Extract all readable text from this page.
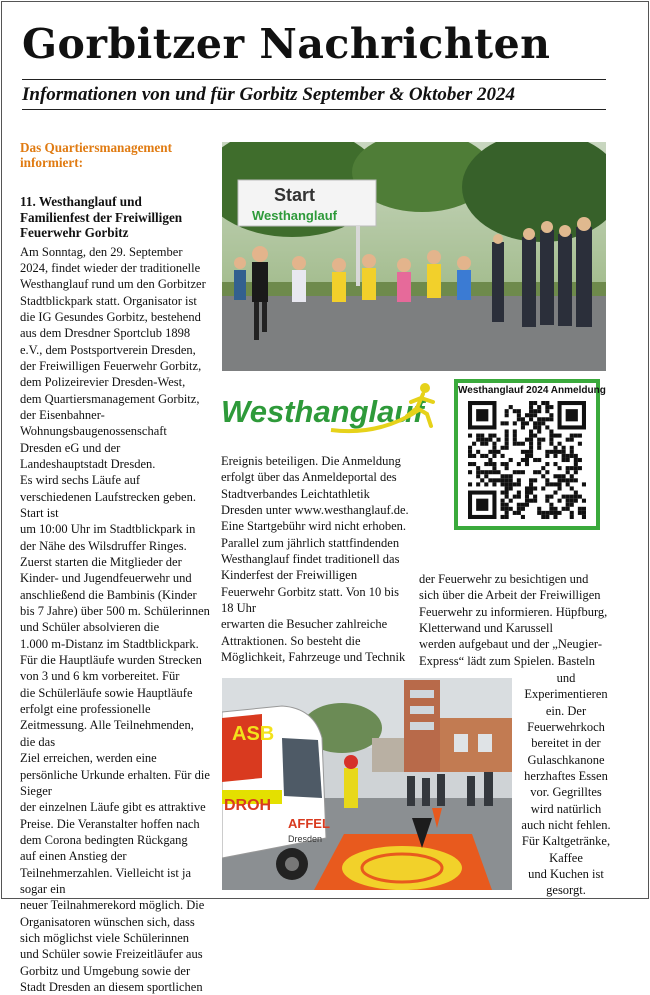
Gorbitzer Nachrichten
Informationen von und für Gorbitz September & Oktober 2024
Das Quartiersmanagement informiert:
11. Westhanglauf und Familienfest der Freiwilligen Feuerwehr Gorbitz
Am Sonntag, den 29. September
2024, findet wieder der traditionelle
Westhanglauf rund um den Gorbitzer
Stadtblickpark statt. Organisator ist
die IG Gesundes Gorbitz, bestehend
aus dem Dresdner Sportclub 1898
e.V., dem Postsportverein Dresden,
der Freiwilligen Feuerwehr Gorbitz,
dem Polizeirevier Dresden-West,
dem Quartiersmanagement Gorbitz,
der Eisenbahner-Wohnungsbaugenossenschaft Dresden eG und der
Landeshauptstadt Dresden.
Es wird sechs Läufe auf verschiedenen Laufstrecken geben. Start ist
um 10:00 Uhr im Stadtblickpark in
der Nähe des Wilsdruffer Ringes.
Zuerst starten die Mitglieder der
Kinder- und Jugendfeuerwehr und
anschließend die Bambinis (Kinder
bis 7 Jahre) über 500 m. Schülerinnen und Schüler absolvieren die
1.000 m-Distanz im Stadtblickpark.
Für die Hauptläufe wurden Strecken
von 3 und 6 km vorbereitet. Für
die Schülerläufe sowie Hauptläufe
erfolgt eine professionelle Zeitmessung. Alle Teilnehmenden, die das
Ziel erreichen, werden eine persönliche Urkunde erhalten. Für die Sieger
der einzelnen Läufe gibt es attraktive
Preise. Die Veranstalter hoffen nach
dem Corona bedingten Rückgang
auf einen Anstieg der Teilnehmerzahlen. Vielleicht ist ja sogar ein
neuer Teilnahmerekord möglich. Die
Organisatoren wünschen sich, dass
sich möglichst viele Schülerinnen
und Schüler sowie Freizeitläufer aus
Gorbitz und Umgebung sowie der
Stadt Dresden an diesem sportlichen
Start
Westhanglauf
Westhanglauf
Westhanglauf 2024 Anmeldung
Ereignis beteiligen. Die Anmeldung
erfolgt über das Anmeldeportal des
Stadtverbandes Leichtathletik Dresden unter www.westhanglauf.de.
Eine Startgebühr wird nicht erhoben.
Parallel zum jährlich stattfindenden
Westhanglauf findet traditionell das
Kinderfest der Freiwilligen Feuerwehr Gorbitz statt. Von 10 bis 18 Uhr
erwarten die Besucher zahlreiche
Attraktionen. So besteht die Möglichkeit, Fahrzeuge und Technik
der Feuerwehr zu besichtigen und
sich über die Arbeit der Freiwilligen
Feuerwehr zu informieren. Hüpfburg, Kletterwand und Karussell
werden aufgebaut und der „Neugier-
Express“ lädt zum Spielen. Basteln
und Experimentieren ein. Der
Feuerwehrkoch
bereitet in der
Gulaschkanone
herzhaftes Essen
vor. Gegrilltes
wird natürlich
auch nicht fehlen. Für Kaltgetränke, Kaffee
und Kuchen ist
gesorgt.
ASB
DROH
AFFEL
Dresden
